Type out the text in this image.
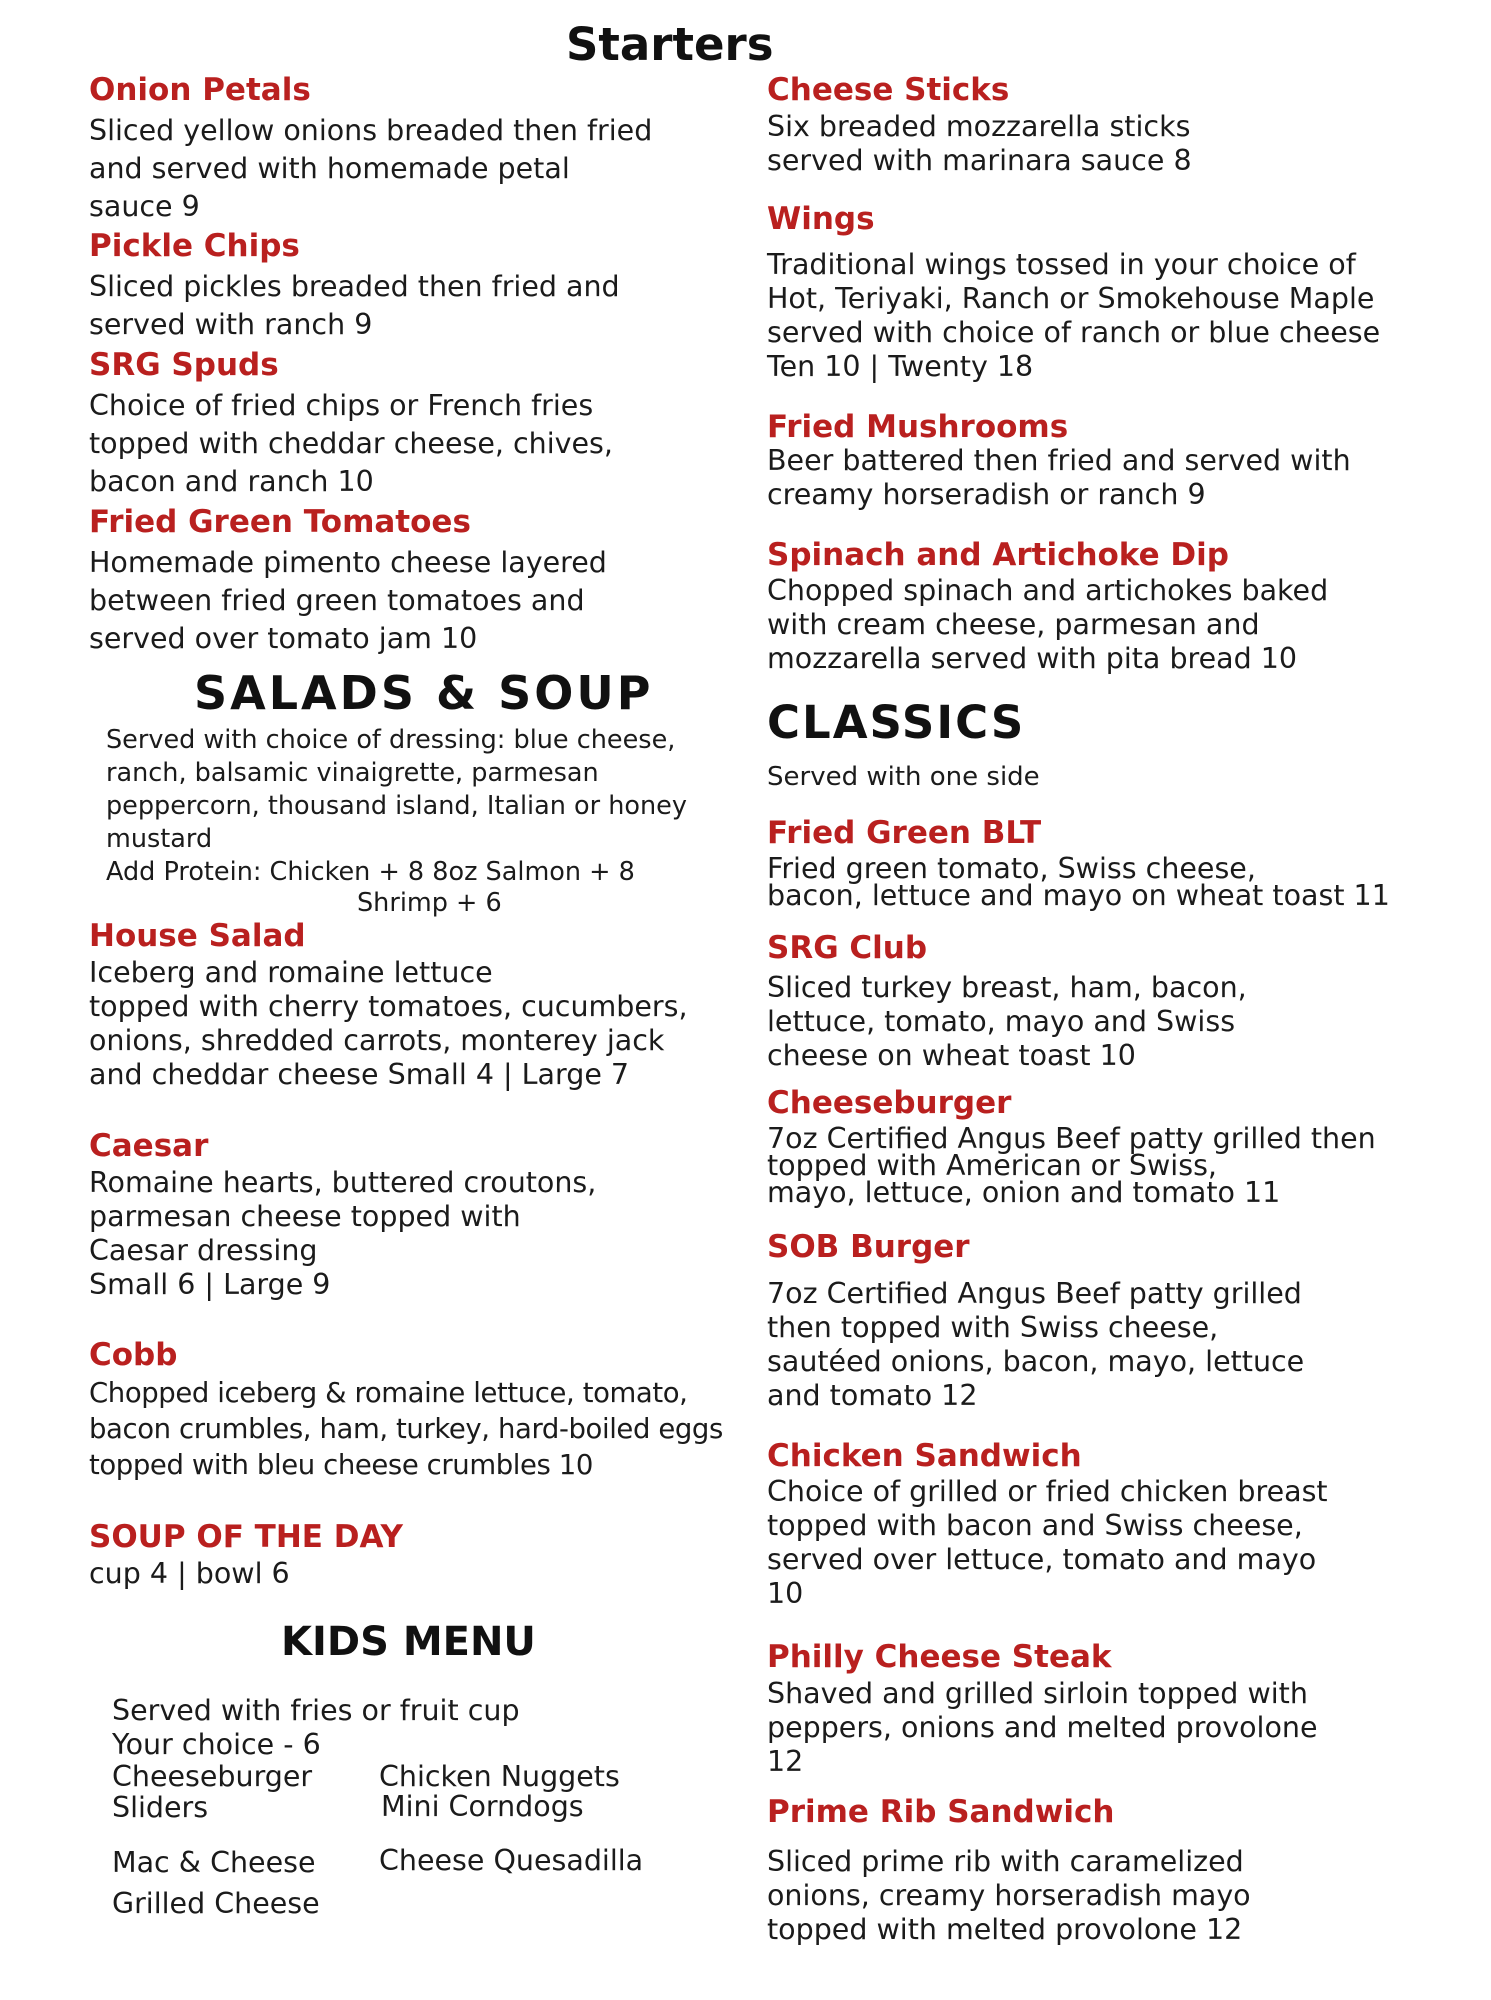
Starters
Onion Petals
Sliced yellow onions breaded then fried
and served with homemade petal
sauce 9
Pickle Chips
Sliced pickles breaded then fried and
served with ranch 9
SRG Spuds
Choice of fried chips or French fries
topped with cheddar cheese, chives,
bacon and ranch 10
Fried Green Tomatoes
Homemade pimento cheese layered
between fried green tomatoes and
served over tomato jam 10
Cheese Sticks
Six breaded mozzarella sticks
served with marinara sauce 8
Wings
Traditional wings tossed in your choice of
Hot, Teriyaki, Ranch or Smokehouse Maple
served with choice of ranch or blue cheese
Ten 10 | Twenty 18
Fried Mushrooms
Beer battered then fried and served with
creamy horseradish or ranch 9
Spinach and Artichoke Dip
Chopped spinach and artichokes baked
with cream cheese, parmesan and
mozzarella served with pita bread 10
SALADS & SOUP
Served with choice of dressing: blue cheese,
ranch, balsamic vinaigrette, parmesan
peppercorn, thousand island, Italian or honey
mustard
Add Protein: Chicken + 8 8oz Salmon + 8
Shrimp + 6
House Salad
Iceberg and romaine lettuce
topped with cherry tomatoes, cucumbers,
onions, shredded carrots, monterey jack
and cheddar cheese Small 4 | Large 7
Caesar
Romaine hearts, buttered croutons,
parmesan cheese topped with
Caesar dressing
Small 6 | Large 9
Cobb
Chopped iceberg & romaine lettuce, tomato,
bacon crumbles, ham, turkey, hard-boiled eggs
topped with bleu cheese crumbles 10
SOUP OF THE DAY
cup 4 | bowl 6
KIDS MENU
Served with fries or fruit cup
Your choice - 6
Cheeseburger
Sliders
Mac & Cheese
Grilled Cheese
Chicken Nuggets
Mini Corndogs
Cheese Quesadilla
CLASSICS
Served with one side
Fried Green BLT
Fried green tomato, Swiss cheese,
bacon, lettuce and mayo on wheat toast 11
SRG Club
Sliced turkey breast, ham, bacon,
lettuce, tomato, mayo and Swiss
cheese on wheat toast 10
Cheeseburger
7oz Certified Angus Beef patty grilled then
topped with American or Swiss,
mayo, lettuce, onion and tomato 11
SOB Burger
7oz Certified Angus Beef patty grilled
then topped with Swiss cheese,
sautéed onions, bacon, mayo, lettuce
and tomato 12
Chicken Sandwich
Choice of grilled or fried chicken breast
topped with bacon and Swiss cheese,
served over lettuce, tomato and mayo
10
Philly Cheese Steak
Shaved and grilled sirloin topped with
peppers, onions and melted provolone
12
Prime Rib Sandwich
Sliced prime rib with caramelized
onions, creamy horseradish mayo
topped with melted provolone 12
